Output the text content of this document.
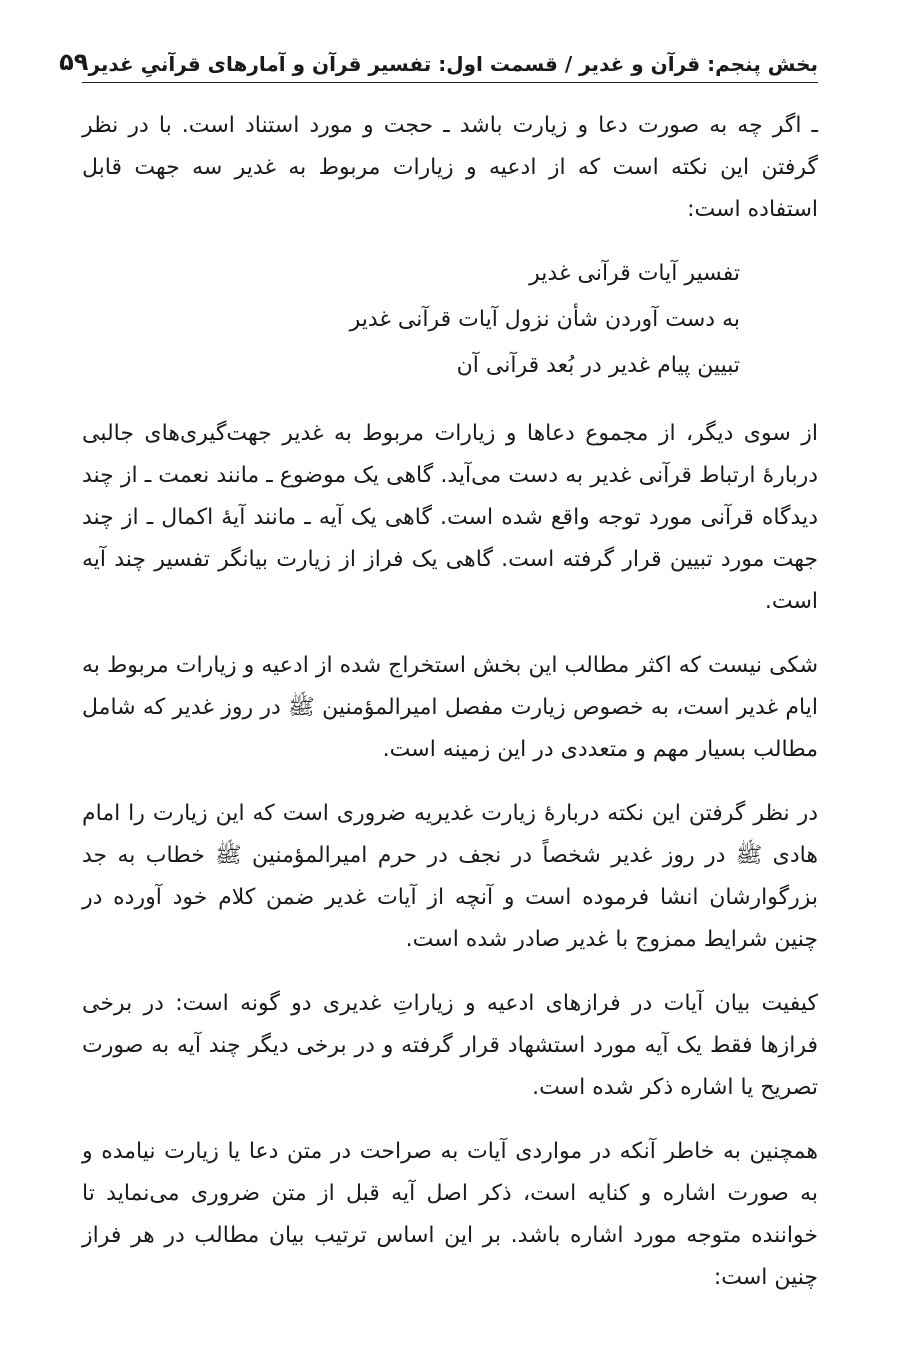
بخش پنجم: قرآن و غدیر / قسمت اول: تفسیر قرآن و آمارهای قرآنیِ غدیر
۵۹

ـ اگر چه به صورت دعا و زیارت باشد ـ حجت و مورد استناد است. با در نظر گرفتن این نکته است که از ادعیه و زیارات مربوط به غدیر سه جهت قابل استفاده است:

تفسیر آیات قرآنی غدیر
به دست آوردن شأن نزول آیات قرآنی غدیر
تبیین پیام غدیر در بُعد قرآنی آن

از سوی دیگر، از مجموع دعاها و زیارات مربوط به غدیر جهت‌گیری‌های جالبی دربارهٔ ارتباط قرآنی غدیر به دست می‌آید. گاهی یک موضوع ـ مانند نعمت ـ از چند دیدگاه قرآنی مورد توجه واقع شده است. گاهی یک آیه ـ مانند آیهٔ اکمال ـ از چند جهت مورد تبیین قرار گرفته است. گاهی یک فراز از زیارت بیانگر تفسیر چند آیه است.

شکی نیست که اکثر مطالب این بخش استخراج شده از ادعیه و زیارات مربوط به ایام غدیر است، به خصوص زیارت مفصل امیرالمؤمنین ﷺ در روز غدیر که شامل مطالب بسیار مهم و متعددی در این زمینه است.

در نظر گرفتن این نکته دربارهٔ زیارت غدیریه ضروری است که این زیارت را امام هادی ﷺ در روز غدیر شخصاً در نجف در حرم امیرالمؤمنین ﷺ خطاب به جد بزرگوارشان انشا فرموده است و آنچه از آیات غدیر ضمن کلام خود آورده در چنین شرایط ممزوج با غدیر صادر شده است.

کیفیت بیان آیات در فرازهای ادعیه و زیاراتِ غدیری دو گونه است: در برخی فرازها فقط یک آیه مورد استشهاد قرار گرفته و در برخی دیگر چند آیه به صورت تصریح یا اشاره ذکر شده است.

همچنین به خاطر آنکه در مواردی آیات به صراحت در متن دعا یا زیارت نیامده و به صورت اشاره و کنایه است، ذکر اصل آیه قبل از متن ضروری می‌نماید تا خواننده متوجه مورد اشاره باشد. بر این اساس ترتیب بیان مطالب در هر فراز چنین است:
